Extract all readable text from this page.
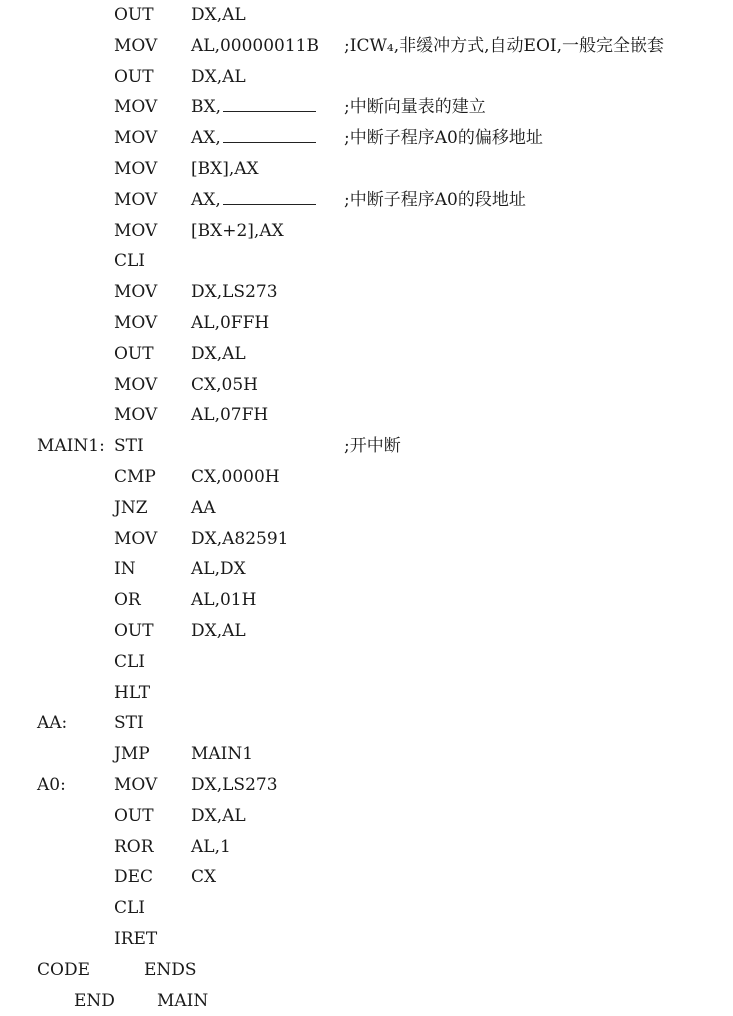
OUT DX,AL
MOV AL,00000011B ;ICW₄,非缓冲方式,自动EOI,一般完全嵌套
OUT DX,AL
MOV BX,	;中断向量表的建立
MOV AX,	;中断子程序A0的偏移地址
MOV [BX],AX
MOV AX,	;中断子程序A0的段地址
MOV [BX+2],AX
CLI
MOV DX,LS273
MOV AL,0FFH
OUT DX,AL
MOV CX,05H
MOV AL,07FH
MAIN1: STI	;开中断
CMP CX,0000H
JNZ	AA
MOV DX,A82591
IN	AL,DX
OR	AL,01H
OUT DX,AL
CLI
HLT
AA:	STI
JMP MAIN1
A0:	MOV DX,LS273
OUT DX,AL
ROR AL,1
DEC CX
CLI
IRET
CODE	ENDS
END MAIN
